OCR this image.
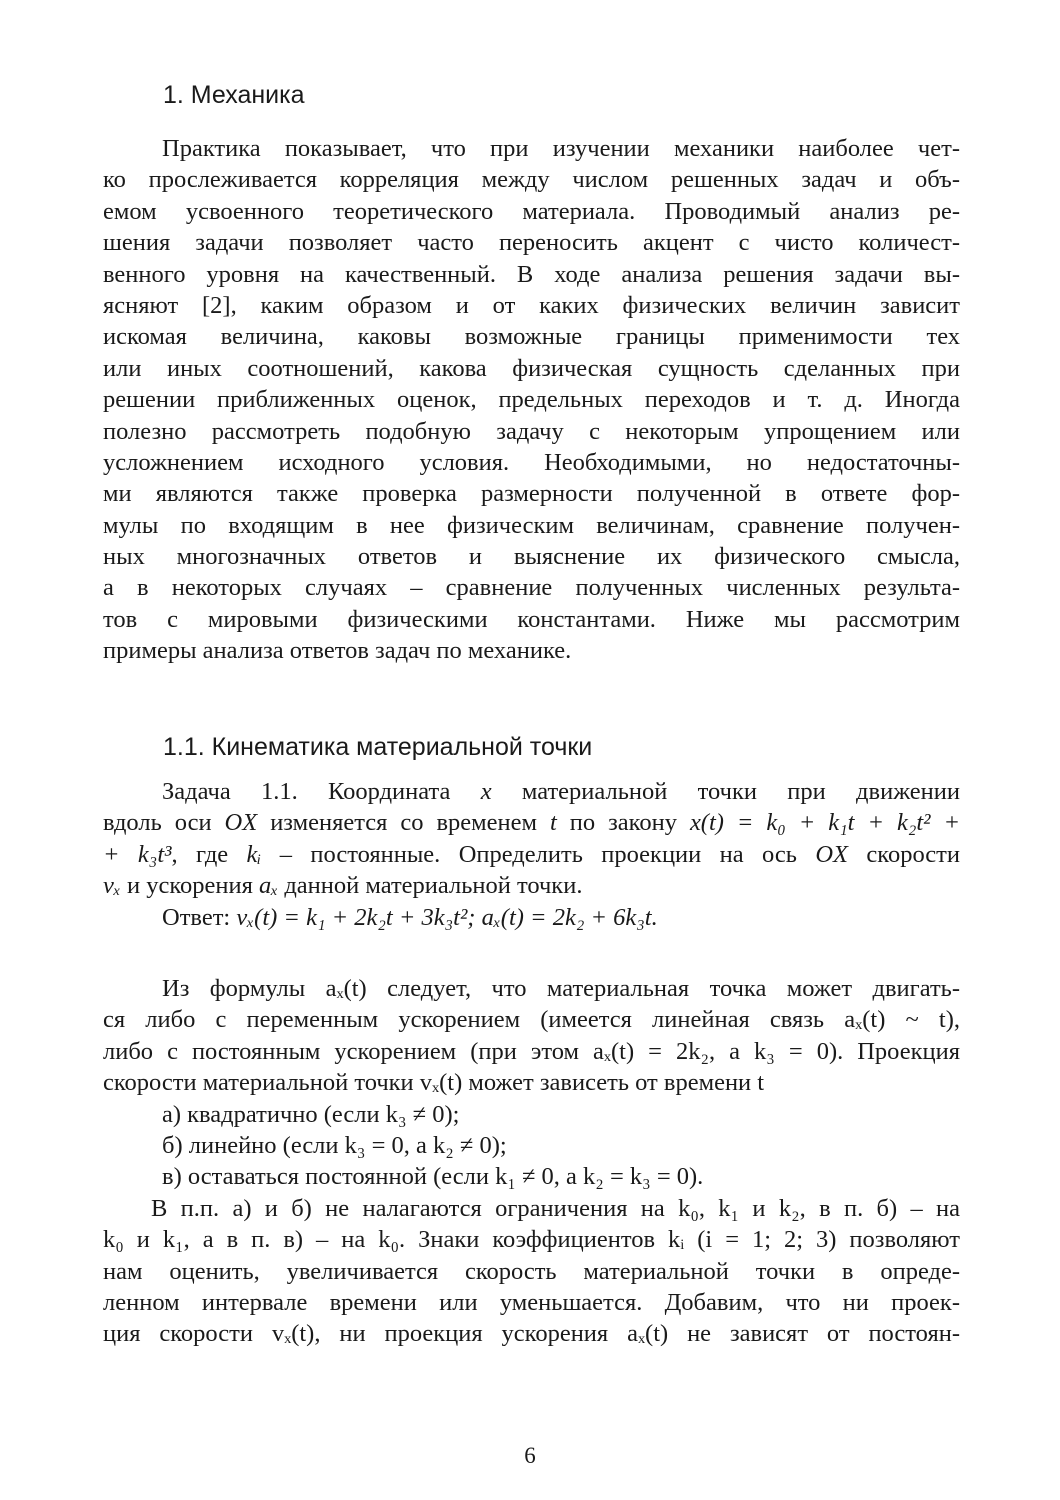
1. Механика
Практика показывает, что при изучении механики наиболее чет-
ко прослеживается корреляция между числом решенных задач и объ-
емом усвоенного теоретического материала. Проводимый анализ ре-
шения задачи позволяет часто переносить акцент с чисто количест-
венного уровня на качественный. В ходе анализа решения задачи вы-
ясняют [2], каким образом и от каких физических величин зависит
искомая величина, каковы возможные границы применимости тех
или иных соотношений, какова физическая сущность сделанных при
решении приближенных оценок, предельных переходов и т. д. Иногда
полезно рассмотреть подобную задачу с некоторым упрощением или
усложнением исходного условия. Необходимыми, но недостаточны-
ми являются также проверка размерности полученной в ответе фор-
мулы по входящим в нее физическим величинам, сравнение получен-
ных многозначных ответов и выяснение их физического смысла,
а в некоторых случаях – сравнение полученных численных результа-
тов с мировыми физическими константами. Ниже мы рассмотрим
примеры анализа ответов задач по механике.
1.1. Кинематика материальной точки
Задача 1.1. Координата x материальной точки при движении
вдоль оси OX изменяется со временем t по закону x(t) = k₀ + k₁t + k₂t² +
+ k₃t³, где kᵢ – постоянные. Определить проекции на ось OX скорости
vₓ и ускорения aₓ данной материальной точки.
Ответ: vₓ(t) = k₁ + 2k₂t + 3k₃t²; aₓ(t) = 2k₂ + 6k₃t.
Из формулы aₓ(t) следует, что материальная точка может двигать-
ся либо с переменным ускорением (имеется линейная связь aₓ(t) ~ t),
либо с постоянным ускорением (при этом aₓ(t) = 2k₂, а k₃ = 0). Проекция
скорости материальной точки vₓ(t) может зависеть от времени t
а) квадратично (если k₃ ≠ 0);
б) линейно (если k₃ = 0, а k₂ ≠ 0);
в) оставаться постоянной (если k₁ ≠ 0, а k₂ = k₃ = 0).
В п.п. а) и б) не налагаются ограничения на k₀, k₁ и k₂, в п. б) – на
k₀ и k₁, а в п. в) – на k₀. Знаки коэффициентов kᵢ (i = 1; 2; 3) позволяют
нам оценить, увеличивается скорость материальной точки в опреде-
ленном интервале времени или уменьшается. Добавим, что ни проек-
ция скорости vₓ(t), ни проекция ускорения aₓ(t) не зависят от постоян-
6
